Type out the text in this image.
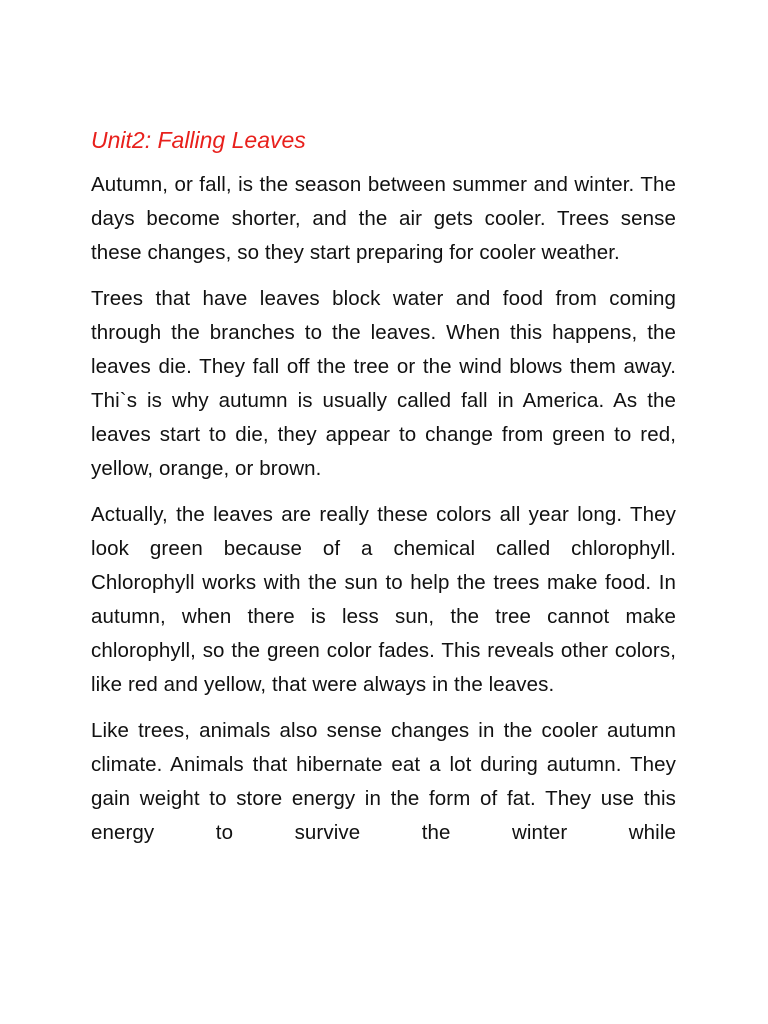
Unit2: Falling Leaves

Autumn, or fall, is the season between summer and winter. The days become shorter, and the air gets cooler. Trees sense these changes, so they start preparing for cooler weather.

Trees that have leaves block water and food from coming through the branches to the leaves. When this happens, the leaves die. They fall off the tree or the wind blows them away. Thi`s is why autumn is usually called fall in America. As the leaves start to die, they appear to change from green to red, yellow, orange, or brown.

Actually, the leaves are really these colors all year long. They look green because of a chemical called chlorophyll. Chlorophyll works with the sun to help the trees make food. In autumn, when there is less sun, the tree cannot make chlorophyll, so the green color fades. This reveals other colors, like red and yellow, that were always in the leaves.

Like trees, animals also sense changes in the cooler autumn climate. Animals that hibernate eat a lot during autumn. They gain weight to store energy in the form of fat. They use this energy to survive the winter while
